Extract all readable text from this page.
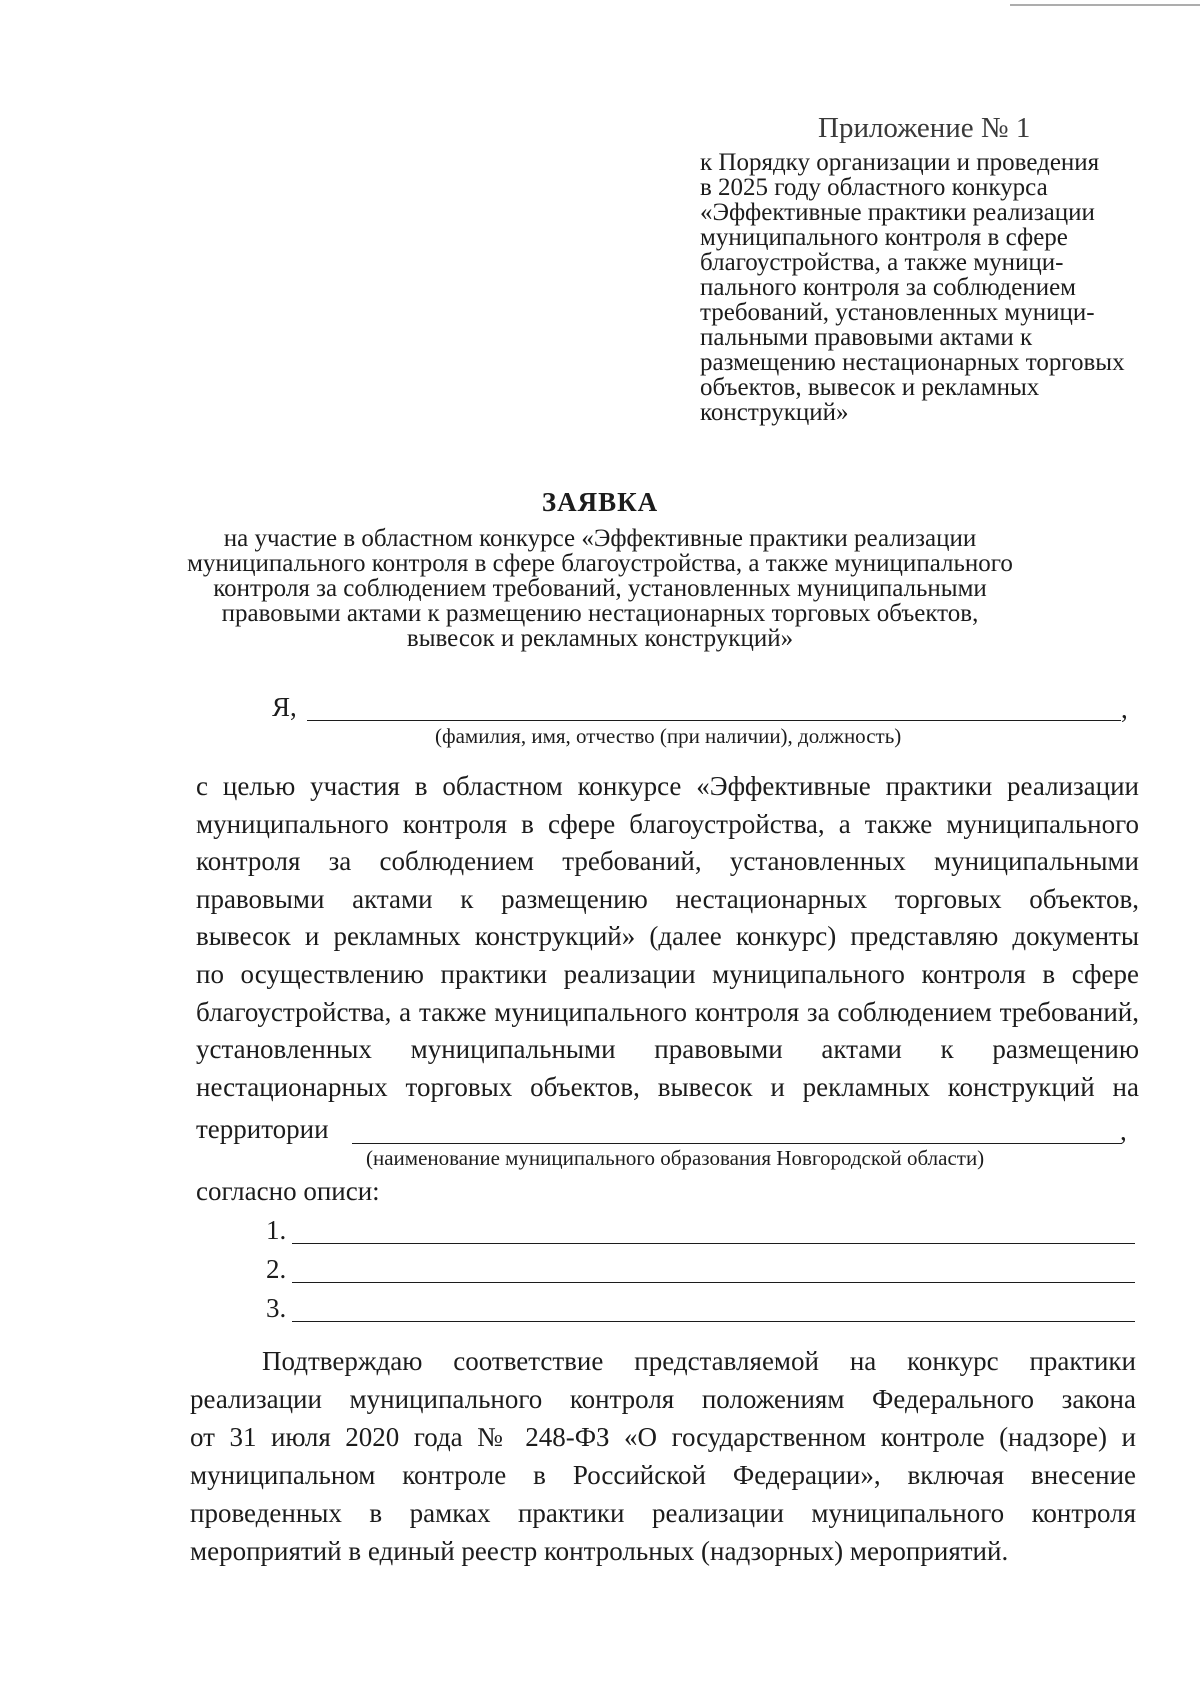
Приложение № 1
к Порядку организации и проведения
в 2025 году областного конкурса
«Эффективные практики реализации
муниципального контроля в сфере
благоустройства, а также муници-
пального контроля за соблюдением
требований, установленных муници-
пальными правовыми актами к
размещению нестационарных торговых
объектов, вывесок и рекламных
конструкций»
ЗАЯВКА
на участие в областном конкурсе «Эффективные практики реализации
муниципального контроля в сфере благоустройства, а также муниципального
контроля за соблюдением требований, установленных муниципальными
правовыми актами к размещению нестационарных торговых объектов,
вывесок и рекламных конструкций»
Я,	,
(фамилия, имя, отчество (при наличии), должность)
с целью участия в областном конкурсе «Эффективные практики реализации
муниципального контроля в сфере благоустройства, а также муниципального
контроля за соблюдением требований, установленных муниципальными
правовыми актами к размещению нестационарных торговых объектов,
вывесок и рекламных конструкций» (далее конкурс) представляю документы
по осуществлению практики реализации муниципального контроля в сфере
благоустройства, а также муниципального контроля за соблюдением требований,
установленных муниципальными правовыми актами к размещению
нестационарных торговых объектов, вывесок и рекламных конструкций на
территории	,
(наименование муниципального образования Новгородской области)
согласно описи:
1.
2.
3.
Подтверждаю соответствие представляемой на конкурс практики
реализации муниципального контроля положениям Федерального закона
от 31 июля 2020 года № 248-ФЗ «О государственном контроле (надзоре) и
муниципальном контроле в Российской Федерации», включая внесение
проведенных в рамках практики реализации муниципального контроля
мероприятий в единый реестр контрольных (надзорных) мероприятий.
